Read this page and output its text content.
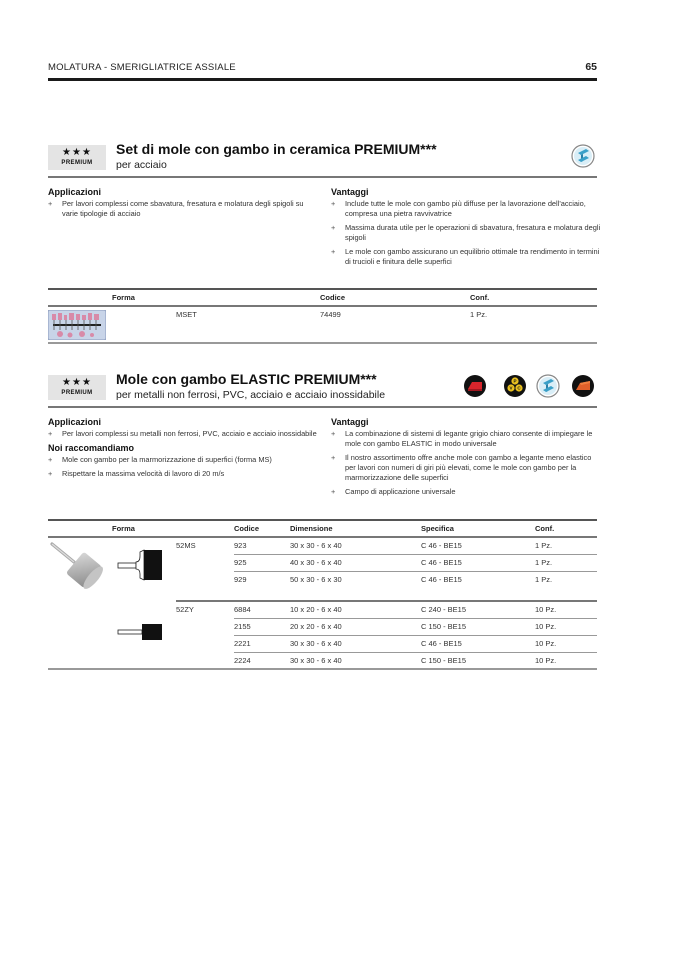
MOLATURA - SMERIGLIATRICE ASSIALE	65
★★★
PREMIUM
Set di mole con gambo in ceramica PREMIUM***
per acciaio
Applicazioni
+ Per lavori complessi come sbavatura, fresatura e molatura degli spigoli su varie tipologie di acciaio
Vantaggi
+ Include tutte le mole con gambo più diffuse per la lavorazione dell'acciaio, compresa una pietra ravvivatrice
+ Massima durata utile per le operazioni di sbavatura, fresatura e molatura degli spigoli
+ Le mole con gambo assicurano un equilibrio ottimale tra rendimento in termini di trucioli e finitura delle superfici
Forma		Codice	Conf.
	MSET	74499	1 Pz.
★★★
PREMIUM
Mole con gambo ELASTIC PREMIUM***
per metalli non ferrosi, PVC, acciaio e acciaio inossidabile
P
V C
Applicazioni
+ Per lavori complessi su metalli non ferrosi, PVC, acciaio e acciaio inossidabile
Noi raccomandiamo
+ Mole con gambo per la marmorizzazione di superfici (forma MS)
+ Rispettare la massima velocità di lavoro di 20 m/s
Vantaggi
+ La combinazione di sistemi di legante grigio chiaro consente di impiegare le mole con gambo ELASTIC in modo universale
+ Il nostro assortimento offre anche mole con gambo a legante meno elastico per lavori con numeri di giri più elevati, come le mole con gambo per la marmorizzazione delle superfici
+ Campo di applicazione universale
Forma		Codice	Dimensione	Specifica	Conf.
	52MS	923	30 x 30 - 6 x 40	C 46 - BE15	1 Pz.
		925	40 x 30 - 6 x 40	C 46 - BE15	1 Pz.
		929	50 x 30 - 6 x 30	C 46 - BE15	1 Pz.
	52ZY	6884	10 x 20 - 6 x 40	C 240 - BE15	10 Pz.
		2155	20 x 20 - 6 x 40	C 150 - BE15	10 Pz.
		2221	30 x 30 - 6 x 40	C 46 - BE15	10 Pz.
		2224	30 x 30 - 6 x 40	C 150 - BE15	10 Pz.
